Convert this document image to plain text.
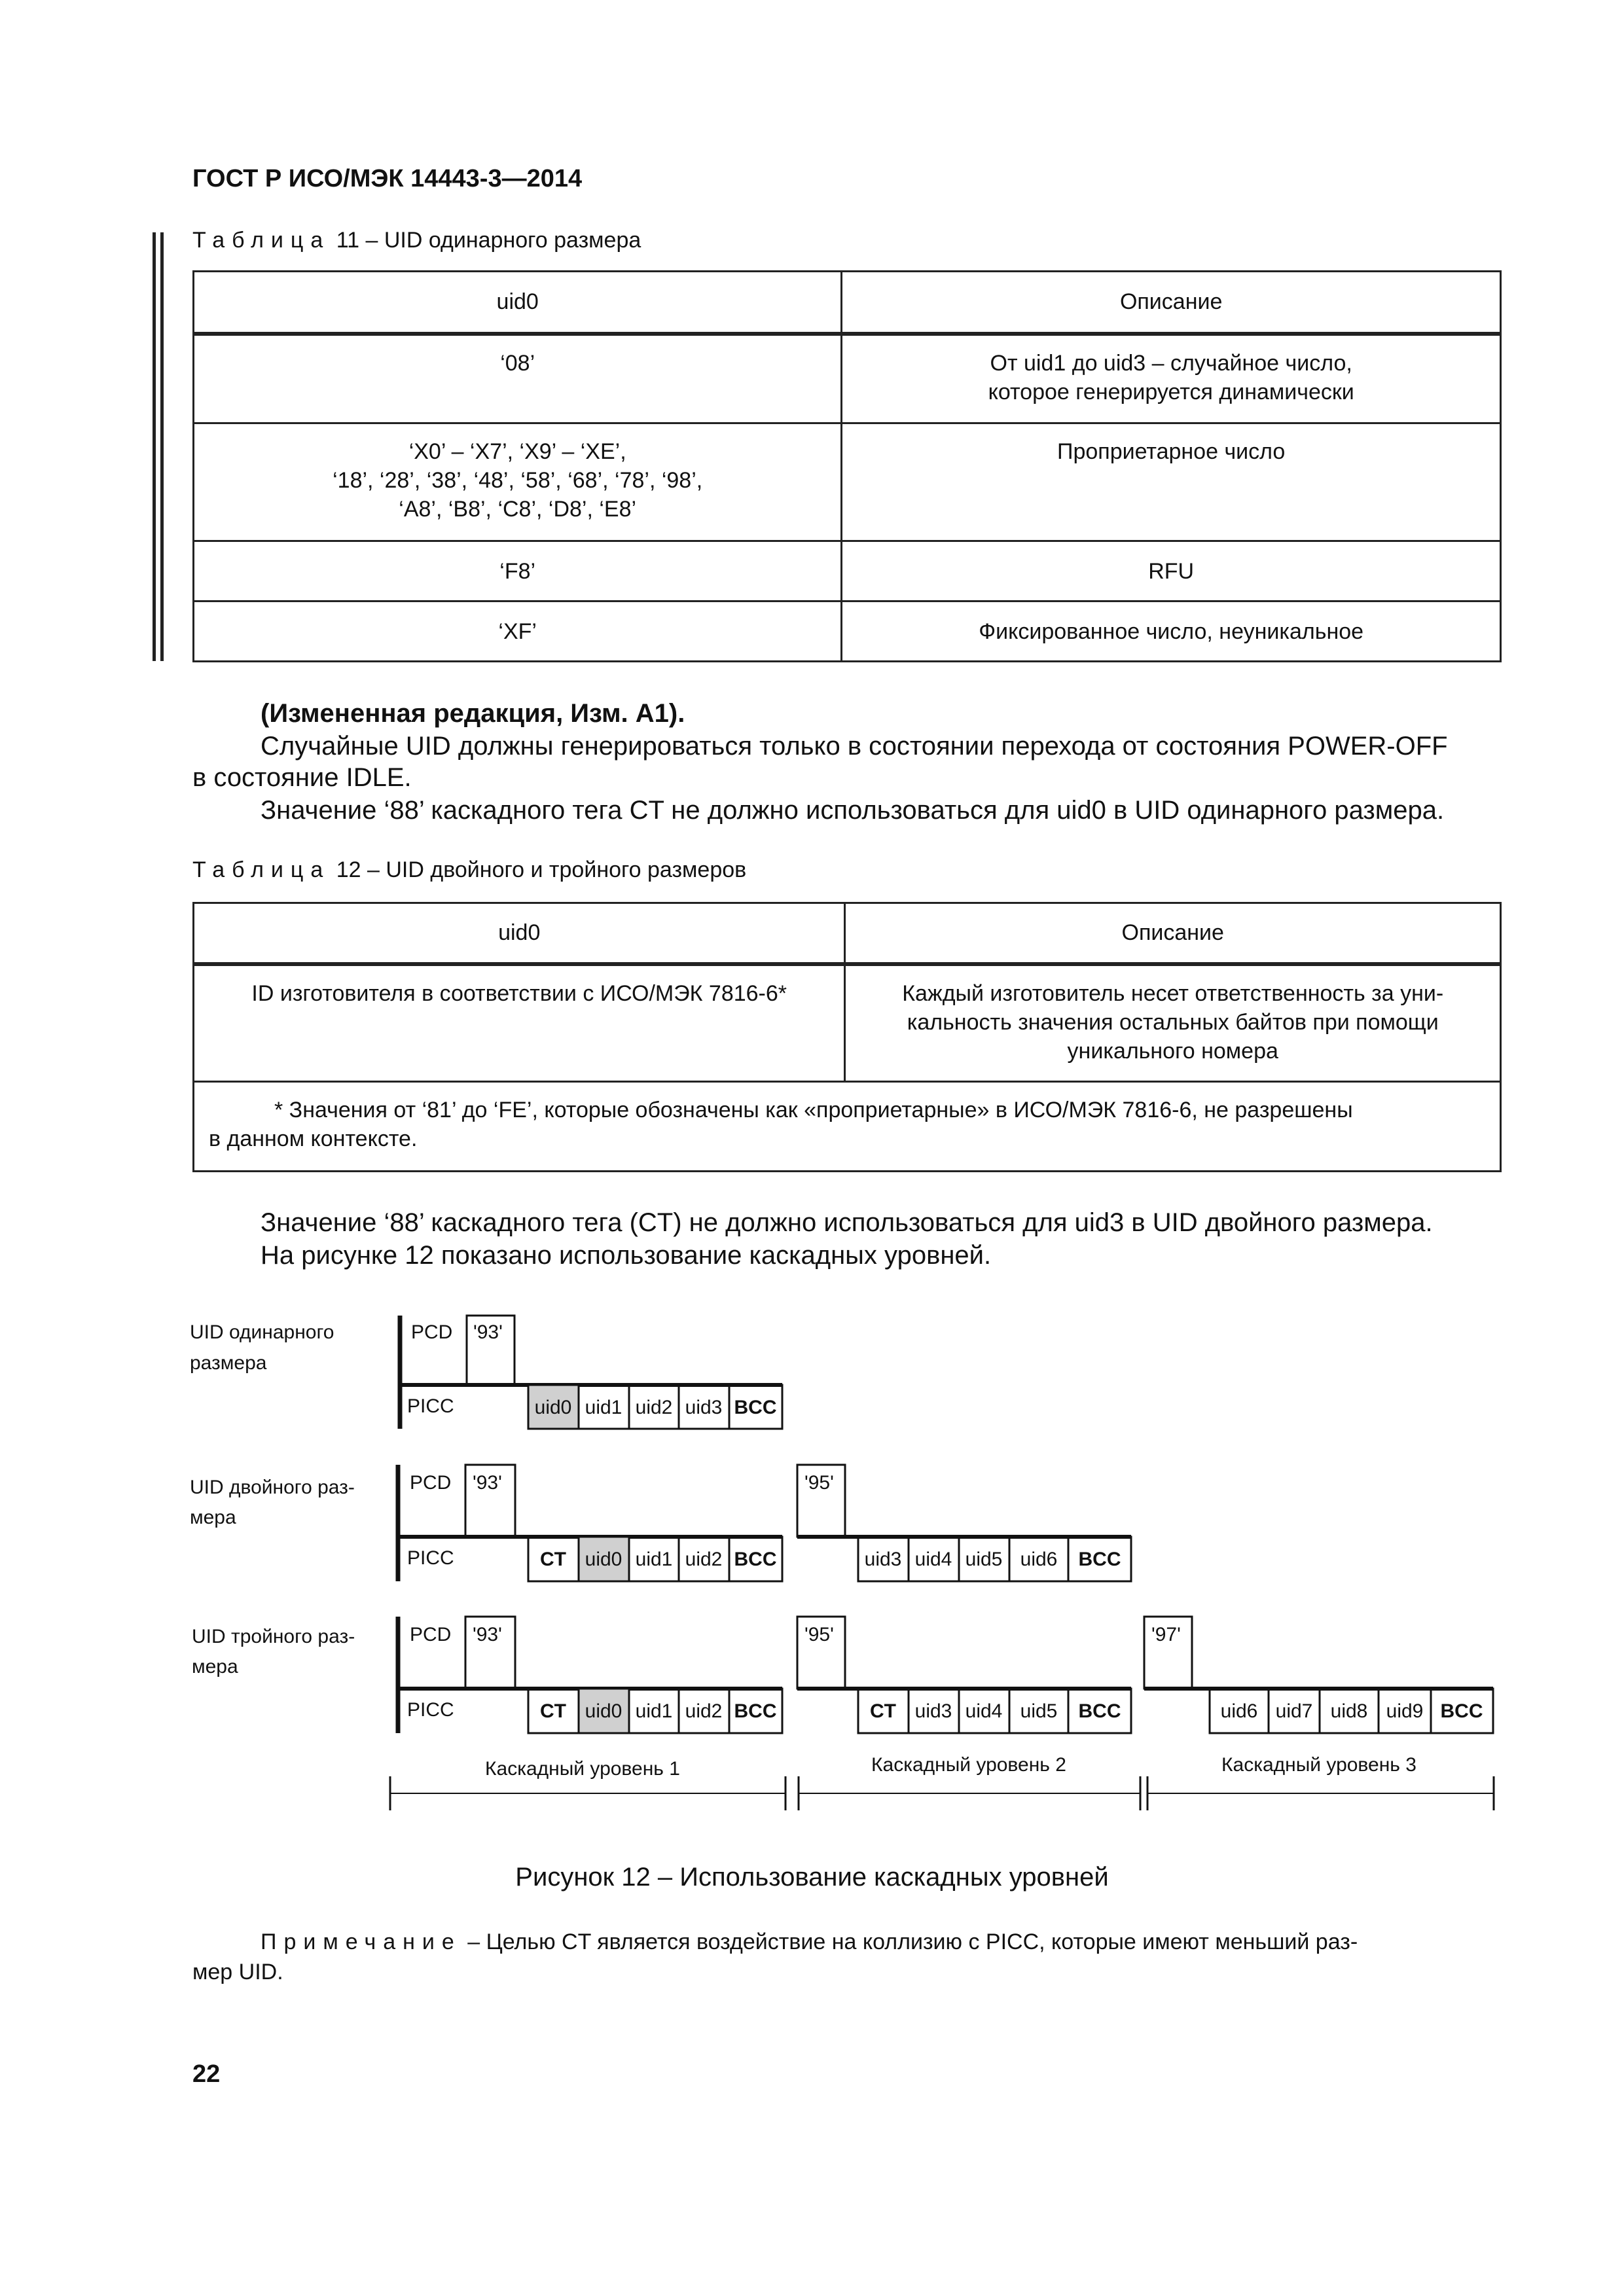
ГОСТ Р ИСО/МЭК 14443-3—2014
Таблица 11 – UID одинарного размера
uid0	Описание

‘08’	От uid1 до uid3 – случайное число,
которое генерируется динамически

‘X0’ – ‘X7’, ‘X9’ – ‘XE’,
‘18’, ‘28’, ‘38’, ‘48’, ‘58’, ‘68’, ‘78’, ‘98’,
‘A8’, ‘B8’, ‘C8’, ‘D8’, ‘E8’	Проприетарное число

‘F8’	RFU

‘XF’	Фиксированное число, неуникальное
(Измененная редакция, Изм. А1).
Случайные UID должны генерироваться только в состоянии перехода от состояния POWER-OFF
в состояние IDLE.
Значение ‘88’ каскадного тега CT не должно использоваться для uid0 в UID одинарного размера.
Таблица 12 – UID двойного и тройного размеров
uid0	Описание

ID изготовителя в соответствии с ИСО/МЭК 7816-6*	Каждый изготовитель несет ответственность за уни-
кальность значения остальных байтов при помощи
уникального номера

* Значения от ‘81’ до ‘FE’, которые обозначены как «проприетарные» в ИСО/МЭК 7816-6, не разрешены
в данном контексте.	
Значение ‘88’ каскадного тега (CT) не должно использоваться для uid3 в UID двойного размера.
На рисунке 12 показано использование каскадных уровней.
UID одинарного
размера
UID двойного раз-
мера
UID тройного раз-
мера
PCD '93'
PICC	uid0 uid1 uid2 uid3 BCC
PCD '93'
PICC	CT uid0 uid1 uid2 BCC
'95'
uid3 uid4 uid5 uid6 BCC
PCD '93'
PICC	CT uid0 uid1 uid2 BCC
'95'
CT uid3 uid4 uid5 BCC
'97'
uid6 uid7 uid8 uid9 BCC
Каскадный уровень 1	Каскадный уровень 2	Каскадный уровень 3
Рисунок 12 – Использование каскадных уровней
Примечание – Целью CT является воздействие на коллизию с PICC, которые имеют меньший раз-
мер UID.
22
